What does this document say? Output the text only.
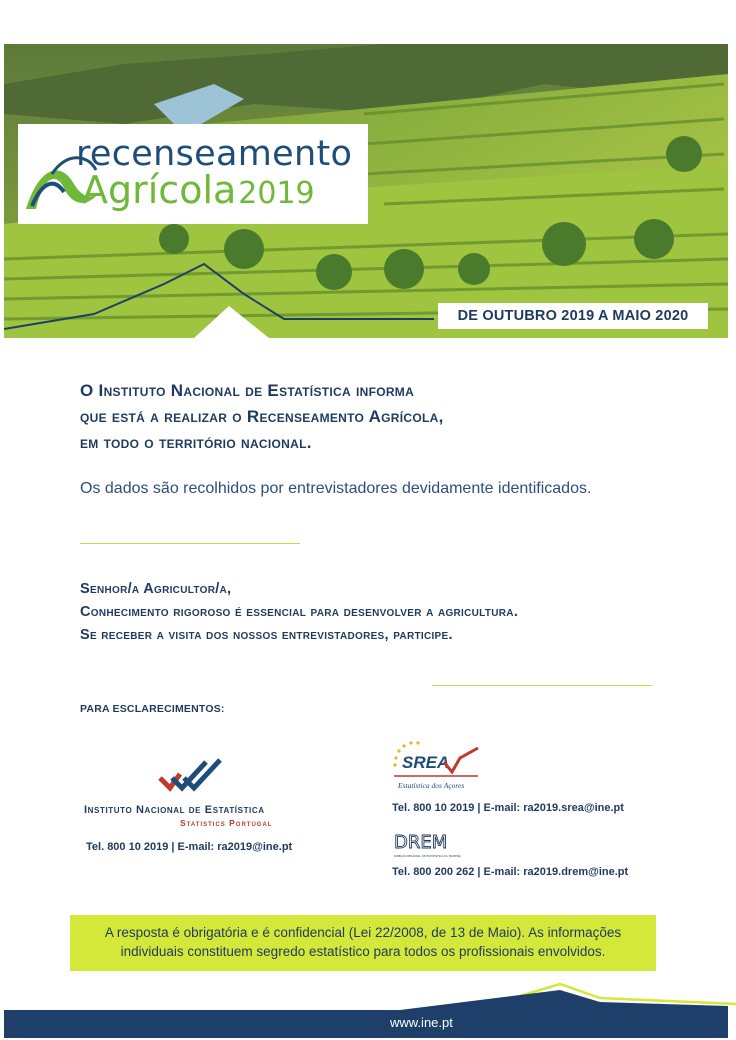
recenseamento
Agrícola2019
DE OUTUBRO 2019 A MAIO 2020
O Instituto Nacional de Estatística informa
que está a realizar o Recenseamento Agrícola,
em todo o território nacional.
Os dados são recolhidos por entrevistadores devidamente identificados.
Senhor/a Agricultor/a,
Conhecimento rigoroso é essencial para desenvolver a agricultura.
Se receber a visita dos nossos entrevistadores, participe.
PARA ESCLARECIMENTOS:
Instituto Nacional de Estatística
Statistics Portugal
Tel. 800 10 2019 | E-mail: ra2019@ine.pt
SREA
Estatística dos Açores
Tel. 800 10 2019 | E-mail: ra2019.srea@ine.pt
DREM
DIREÇÃO REGIONAL DE ESTATÍSTICA DA MADEIRA
Tel. 800 200 262 | E-mail: ra2019.drem@ine.pt
A resposta é obrigatória e é confidencial (Lei 22/2008, de 13 de Maio). As informações
individuais constituem segredo estatístico para todos os profissionais envolvidos.
www.ine.pt
